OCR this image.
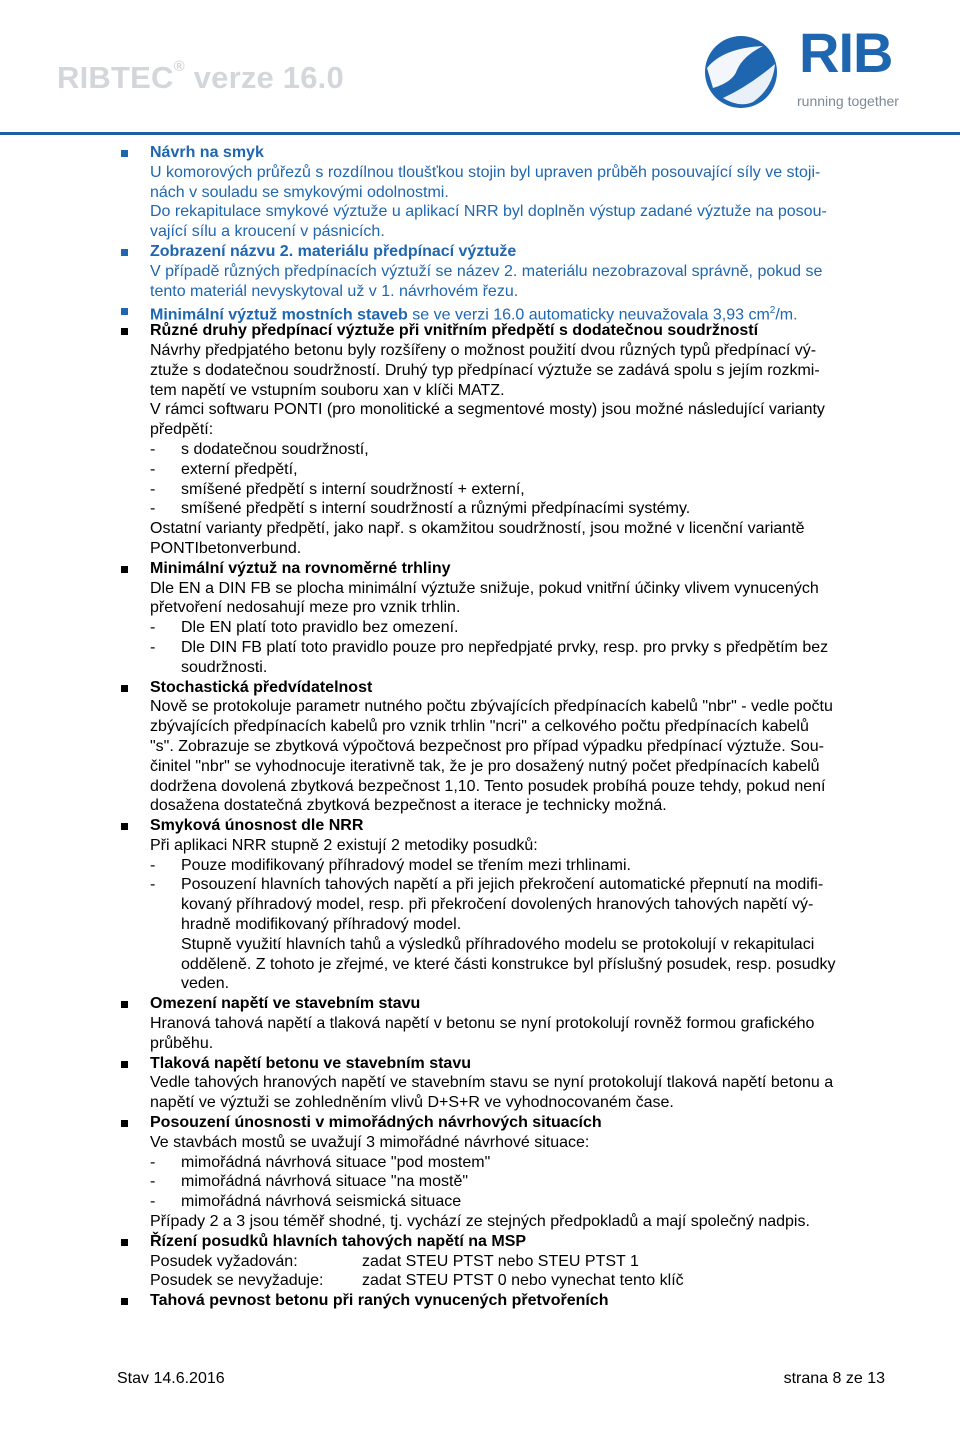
RIBTEC® verze 16.0	RIB
running together
Návrh na smyk
U komorových průřezů s rozdílnou tloušťkou stojin byl upraven průběh posouvající síly ve stoji-
nách v souladu se smykovými odolnostmi.
Do rekapitulace smykové výztuže u aplikací NRR byl doplněn výstup zadané výztuže na posou-
vající sílu a kroucení v pásnicích.
Zobrazení názvu 2. materiálu předpínací výztuže
V případě různých předpínacích výztuží se název 2. materiálu nezobrazoval správně, pokud se
tento materiál nevyskytoval už v 1. návrhovém řezu.
Minimální výztuž mostních staveb se ve verzi 16.0 automaticky neuvažovala 3,93 $cm^2/m$.
Různé druhy předpínací výztuže při vnitřním předpětí s dodatečnou soudržností
Návrhy předpjatého betonu byly rozšířeny o možnost použití dvou různých typů předpínací vý-
ztuže s dodatečnou soudržností. Druhý typ předpínací výztuže se zadává spolu s jejím rozkmi-
tem napětí ve vstupním souboru xan v klíči MATZ.
V rámci softwaru PONTI (pro monolitické a segmentové mosty) jsou možné následující varianty
předpětí:
- s dodatečnou soudržností,
- externí předpětí,
- smíšené předpětí s interní soudržností + externí,
- smíšené předpětí s interní soudržností a různými předpínacími systémy.
Ostatní varianty předpětí, jako např. s okamžitou soudržností, jsou možné v licenční variantě
PONTIbetonverbund.
Minimální výztuž na rovnoměrné trhliny
Dle EN a DIN FB se plocha minimální výztuže snižuje, pokud vnitřní účinky vlivem vynucených
přetvoření nedosahují meze pro vznik trhlin.
- Dle EN platí toto pravidlo bez omezení.
- Dle DIN FB platí toto pravidlo pouze pro nepředpjaté prvky, resp. pro prvky s předpětím bez
soudržnosti.
Stochastická předvídatelnost
Nově se protokoluje parametr nutného počtu zbývajících předpínacích kabelů "nbr" - vedle počtu
zbývajících předpínacích kabelů pro vznik trhlin "ncri" a celkového počtu předpínacích kabelů
"s". Zobrazuje se zbytková výpočtová bezpečnost pro případ výpadku předpínací výztuže. Sou-
činitel "nbr" se vyhodnocuje iterativně tak, že je pro dosažený nutný počet předpínacích kabelů
dodržena dovolená zbytková bezpečnost 1,10. Tento posudek probíhá pouze tehdy, pokud není
dosažena dostatečná zbytková bezpečnost a iterace je technicky možná.
Smyková únosnost dle NRR
Při aplikaci NRR stupně 2 existují 2 metodiky posudků:
- Pouze modifikovaný příhradový model se třením mezi trhlinami.
- Posouzení hlavních tahových napětí a při jejich překročení automatické přepnutí na modifi-
kovaný příhradový model, resp. při překročení dovolených hranových tahových napětí vý-
hradně modifikovaný příhradový model.
Stupně využití hlavních tahů a výsledků příhradového modelu se protokolují v rekapitulaci
odděleně. Z tohoto je zřejmé, ve které části konstrukce byl příslušný posudek, resp. posudky
veden.
Omezení napětí ve stavebním stavu
Hranová tahová napětí a tlaková napětí v betonu se nyní protokolují rovněž formou grafického
průběhu.
Tlaková napětí betonu ve stavebním stavu
Vedle tahových hranových napětí ve stavebním stavu se nyní protokolují tlaková napětí betonu a
napětí ve výztuži se zohledněním vlivů D+S+R ve vyhodnocovaném čase.
Posouzení únosnosti v mimořádných návrhových situacích
Ve stavbách mostů se uvažují 3 mimořádné návrhové situace:
- mimořádná návrhová situace "pod mostem"
- mimořádná návrhová situace "na mostě"
- mimořádná návrhová seismická situace
Případy 2 a 3 jsou téměř shodné, tj. vychází ze stejných předpokladů a mají společný nadpis.
Řízení posudků hlavních tahových napětí na MSP
Posudek vyžadován:	zadat STEU PTST nebo STEU PTST 1
Posudek se nevyžaduje:	zadat STEU PTST 0 nebo vynechat tento klíč
Tahová pevnost betonu při raných vynucených přetvořeních
Stav 14.6.2016	strana 8 ze 13
